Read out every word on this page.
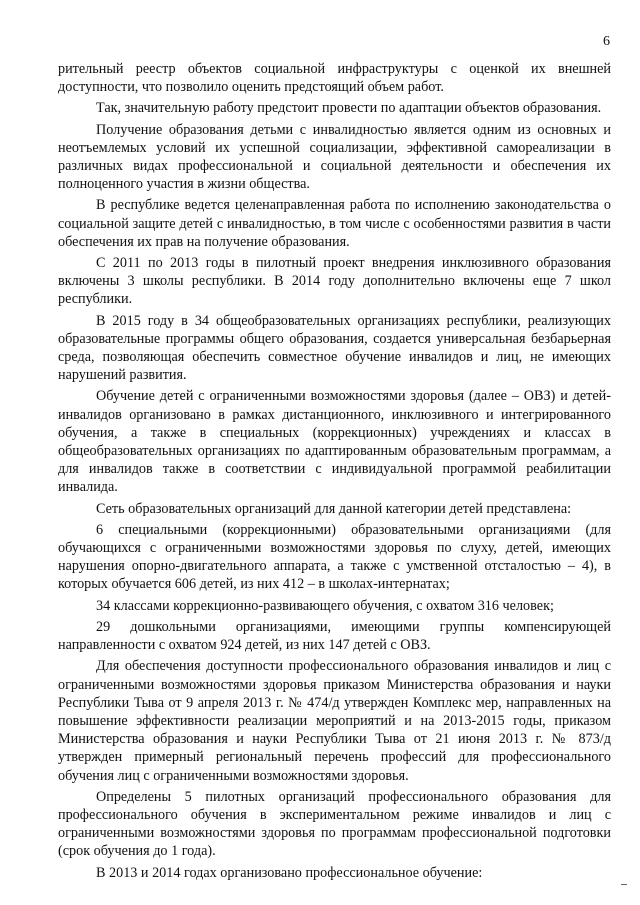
6

рительный реестр объектов социальной инфраструктуры с оценкой их внешней доступности, что позволило оценить предстоящий объем работ.

Так, значительную работу предстоит провести по адаптации объектов образования.

Получение образования детьми с инвалидностью является одним из основных и неотъемлемых условий их успешной социализации, эффективной самореализации в различных видах профессиональной и социальной деятельности и обеспечения их полноценного участия в жизни общества.

В республике ведется целенаправленная работа по исполнению законодательства о социальной защите детей с инвалидностью, в том числе с особенностями развития в части обеспечения их прав на получение образования.

С 2011 по 2013 годы в пилотный проект внедрения инклюзивного образования включены 3 школы республики. В 2014 году дополнительно включены еще 7 школ республики.

В 2015 году в 34 общеобразовательных организациях республики, реализующих образовательные программы общего образования, создается универсальная безбарьерная среда, позволяющая обеспечить совместное обучение инвалидов и лиц, не имеющих нарушений развития.

Обучение детей с ограниченными возможностями здоровья (далее – ОВЗ) и детей-инвалидов организовано в рамках дистанционного, инклюзивного и интегрированного обучения, а также в специальных (коррекционных) учреждениях и классах в общеобразовательных организациях по адаптированным образовательным программам, а для инвалидов также в соответствии с индивидуальной программой реабилитации инвалида.

Сеть образовательных организаций для данной категории детей представлена:

6 специальными (коррекционными) образовательными организациями (для обучающихся с ограниченными возможностями здоровья по слуху, детей, имеющих нарушения опорно-двигательного аппарата, а также с умственной отсталостью – 4), в которых обучается 606 детей, из них 412 – в школах-интернатах;

34 классами коррекционно-развивающего обучения, с охватом 316 человек;

29 дошкольными организациями, имеющими группы компенсирующей направленности с охватом 924 детей, из них 147 детей с ОВЗ.

Для обеспечения доступности профессионального образования инвалидов и лиц с ограниченными возможностями здоровья приказом Министерства образования и науки Республики Тыва от 9 апреля 2013 г. № 474/д утвержден Комплекс мер, направленных на повышение эффективности реализации мероприятий и на 2013-2015 годы, приказом Министерства образования и науки Республики Тыва от 21 июня 2013 г. № 873/д утвержден примерный региональный перечень профессий для профессионального обучения лиц с ограниченными возможностями здоровья.

Определены 5 пилотных организаций профессионального образования для профессионального обучения в экспериментальном режиме инвалидов и лиц с ограниченными возможностями здоровья по программам профессиональной подготовки (срок обучения до 1 года).

В 2013 и 2014 годах организовано профессиональное обучение:
